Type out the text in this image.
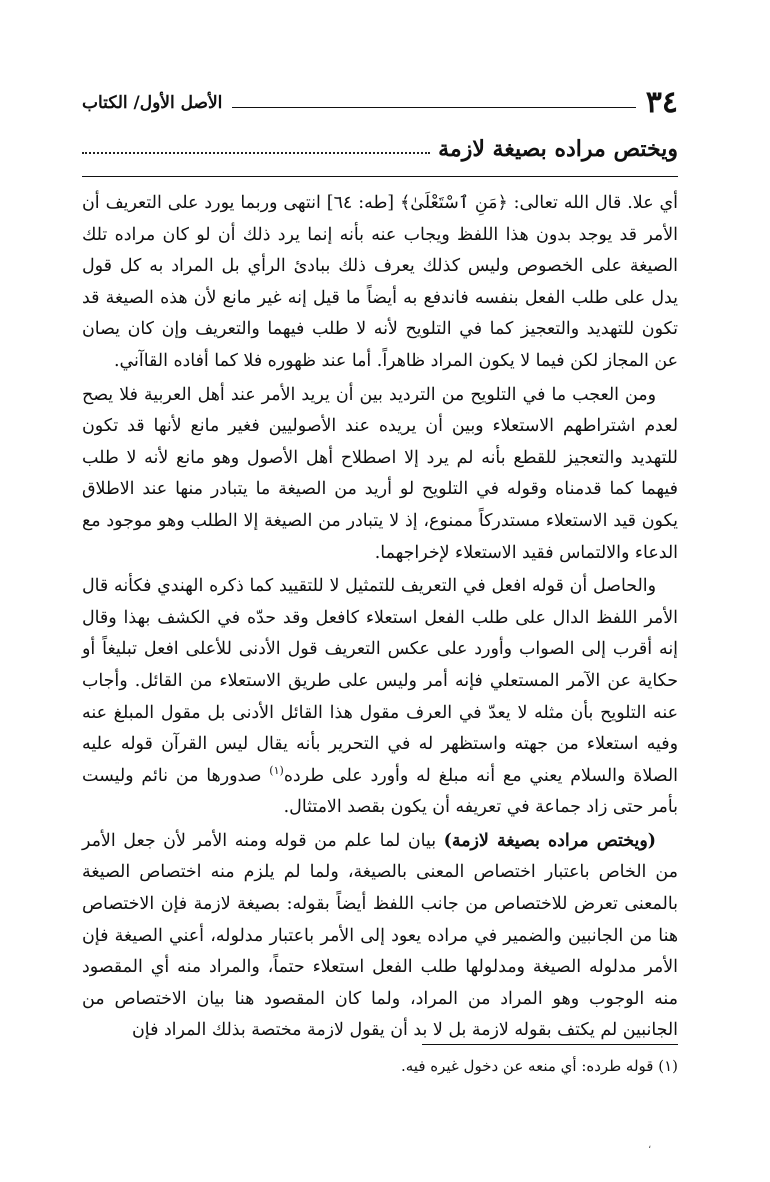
٣٤
الأصل الأول/ الكتاب
ويختص مراده بصيغة لازمة

أي علا. قال الله تعالى: ﴿مَنِ ٱسْتَعْلَىٰ﴾ [طه: ٦٤] انتهى وربما يورد على التعريف أن الأمر قد يوجد بدون هذا اللفظ ويجاب عنه بأنه إنما يرد ذلك أن لو كان مراده تلك الصيغة على الخصوص وليس كذلك يعرف ذلك ببادئ الرأي بل المراد به كل قول يدل على طلب الفعل بنفسه فاندفع به أيضاً ما قيل إنه غير مانع لأن هذه الصيغة قد تكون للتهديد والتعجيز كما في التلويح لأنه لا طلب فيهما والتعريف وإن كان يصان عن المجاز لكن فيما لا يكون المراد ظاهراً. أما عند ظهوره فلا كما أفاده القاآني.

ومن العجب ما في التلويح من الترديد بين أن يريد الأمر عند أهل العربية فلا يصح لعدم اشتراطهم الاستعلاء وبين أن يريده عند الأصوليين فغير مانع لأنها قد تكون للتهديد والتعجيز للقطع بأنه لم يرد إلا اصطلاح أهل الأصول وهو مانع لأنه لا طلب فيهما كما قدمناه وقوله في التلويح لو أريد من الصيغة ما يتبادر منها عند الاطلاق يكون قيد الاستعلاء مستدركاً ممنوع، إذ لا يتبادر من الصيغة إلا الطلب وهو موجود مع الدعاء والالتماس فقيد الاستعلاء لإخراجهما.

والحاصل أن قوله افعل في التعريف للتمثيل لا للتقييد كما ذكره الهندي فكأنه قال الأمر اللفظ الدال على طلب الفعل استعلاء كافعل وقد حدّه في الكشف بهذا وقال إنه أقرب إلى الصواب وأورد على عكس التعريف قول الأدنى للأعلى افعل تبليغاً أو حكاية عن الآمر المستعلي فإنه أمر وليس على طريق الاستعلاء من القائل. وأجاب عنه التلويح بأن مثله لا يعدّ في العرف مقول هذا القائل الأدنى بل مقول المبلغ عنه وفيه استعلاء من جهته واستظهر له في التحرير بأنه يقال ليس القرآن قوله عليه الصلاة والسلام يعني مع أنه مبلغ له وأورد على طرده$^{(١)}$ صدورها من نائم وليست بأمر حتى زاد جماعة في تعريفه أن يكون بقصد الامتثال.

(ويختص مراده بصيغة لازمة) بيان لما علم من قوله ومنه الأمر لأن جعل الأمر من الخاص باعتبار اختصاص المعنى بالصيغة، ولما لم يلزم منه اختصاص الصيغة بالمعنى تعرض للاختصاص من جانب اللفظ أيضاً بقوله: بصيغة لازمة فإن الاختصاص هنا من الجانبين والضمير في مراده يعود إلى الأمر باعتبار مدلوله، أعني الصيغة فإن الأمر مدلوله الصيغة ومدلولها طلب الفعل استعلاء حتماً، والمراد منه أي المقصود منه الوجوب وهو المراد من المراد، ولما كان المقصود هنا بيان الاختصاص من الجانبين لم يكتف بقوله لازمة بل لا بد أن يقول لازمة مختصة بذلك المراد فإن

(١) قوله طرده: أي منعه عن دخول غيره فيه.
،
